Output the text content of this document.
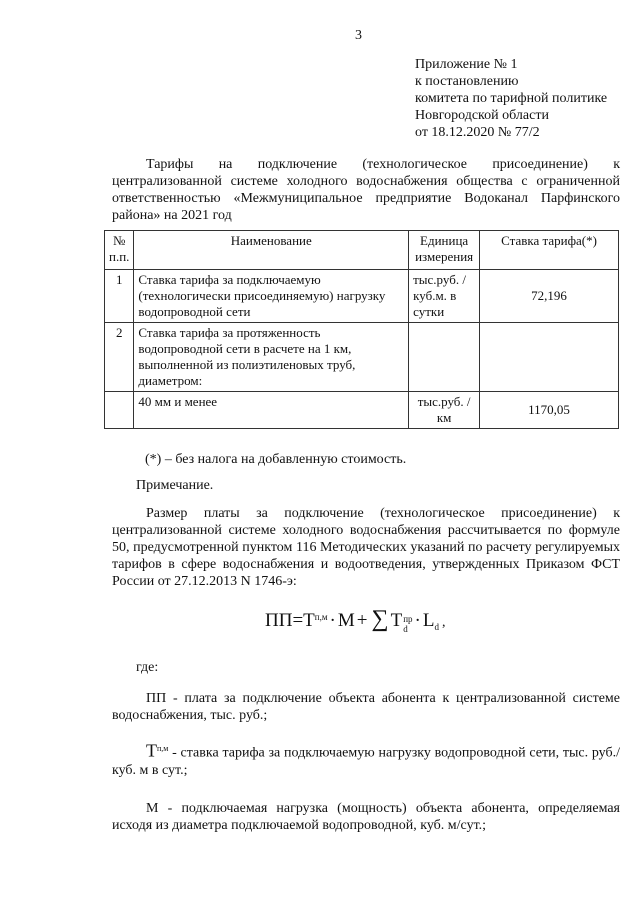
3
Приложение № 1
к постановлению
комитета по тарифной политике
Новгородской области
от 18.12.2020 № 77/2

Тарифы на подключение (технологическое присоединение) к централизованной системе холодного водоснабжения общества с ограниченной ответственностью «Межмуниципальное предприятие Водоканал Парфинского района» на 2021 год

№ п.п.	Наименование	Единица измерения	Ставка тарифа(*)
1	Ставка тарифа за подключаемую (технологически присоединяемую) нагрузку водопроводной сети	тыс.руб. /куб.м. в сутки	72,196
2	Ставка тарифа за протяженность водопроводной сети в расчете на 1 км, выполненной из полиэтиленовых труб, диаметром:		
	40 мм и менее	тыс.руб. /км	1170,05
(*) – без налога на добавленную стоимость.
Примечание.

Размер платы за подключение (технологическое присоединение) к централизованной системе холодного водоснабжения рассчитывается по формуле 50, предусмотренной пунктом 116 Методических указаний по расчету регулируемых тарифов в сфере водоснабжения и водоотведения, утвержденных Приказом ФСТ России от 27.12.2013 N 1746-э:

ПП = $T^{п,м} \cdot M$ + ∑ T пр
d · L d ,
где:

ПП - плата за подключение объекта абонента к централизованной системе водоснабжения, тыс. руб.;

$T^{п,м}$ - ставка тарифа за подключаемую нагрузку водопроводной сети, тыс. руб./куб. м в сут.;

M - подключаемая нагрузка (мощность) объекта абонента, определяемая исходя из диаметра подключаемой водопроводной, куб. м/сут.;
